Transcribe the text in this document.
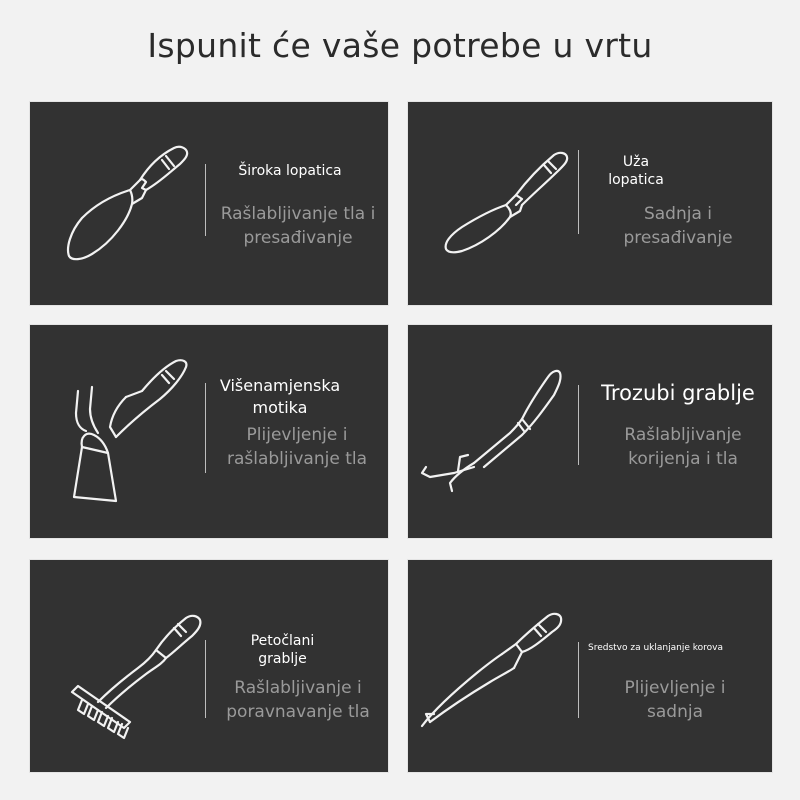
Ispunit će vaše potrebe u vrtu
Široka lopatica
Rašlabljivanje tla i presađivanje
Uža lopatica
Sadnja i presađivanje
Višenamjenska motika
Plijevljenje i rašlabljivanje tla
Trozubi grablje
Rašlabljivanje korijenja i tla
Petočlani grablje
Rašlabljivanje i poravnavanje tla
Sredstvo za uklanjanje korova
Plijevljenje i sadnja
